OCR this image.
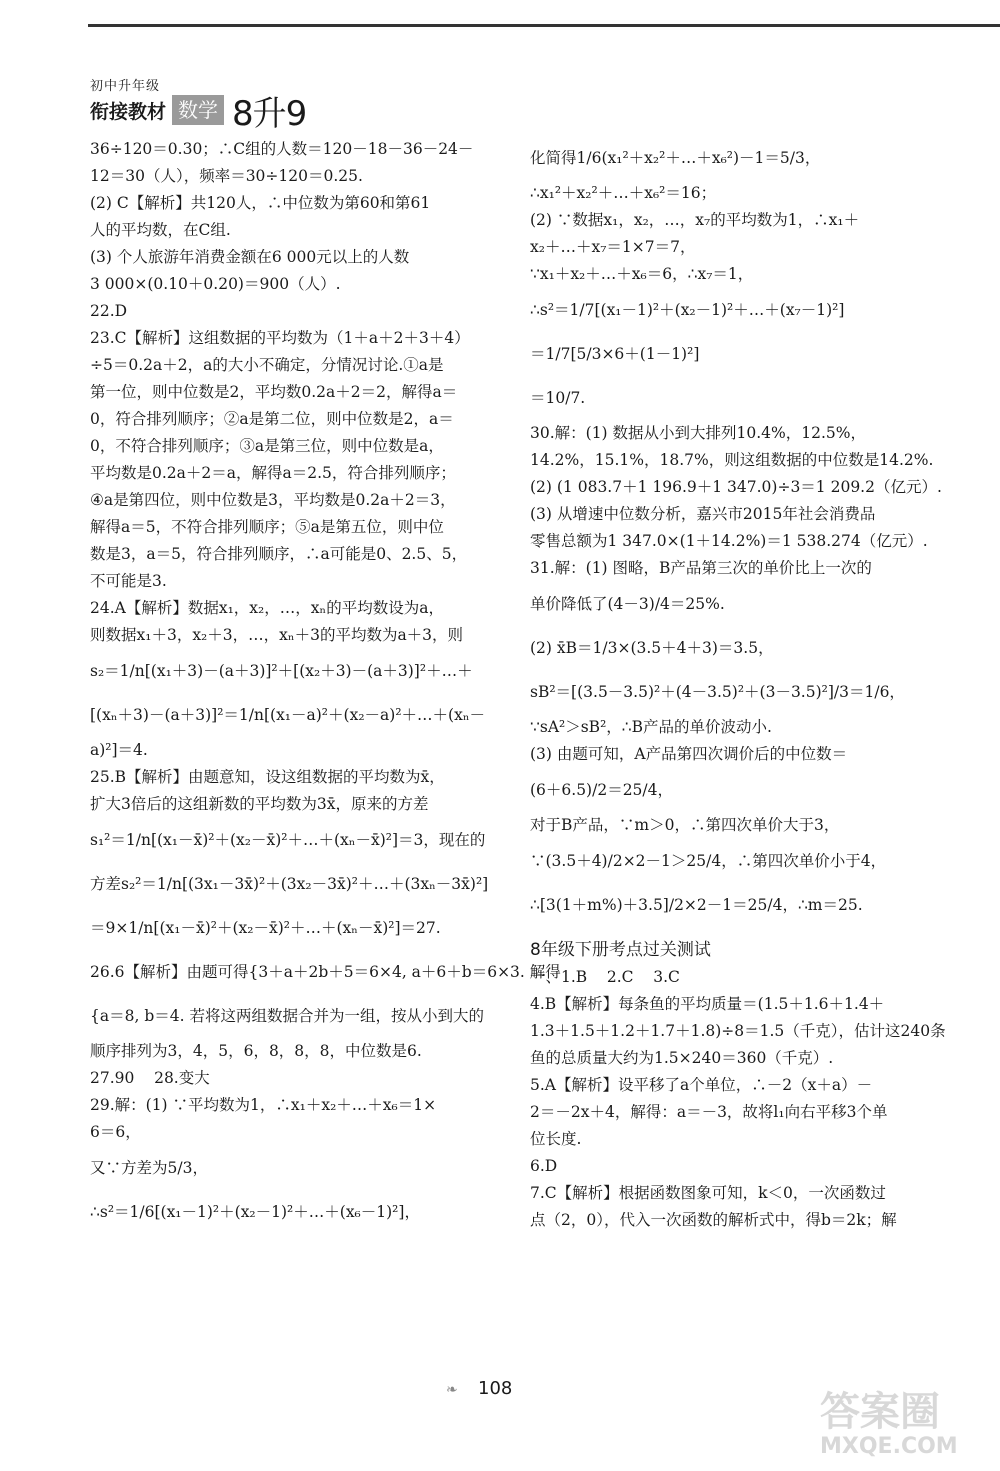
初中升年级
衔接教材 数学 8升9
36÷120＝0.30；∴C组的人数＝120－18－36－24－
12＝30（人），频率＝30÷120＝0.25.
(2) C【解析】共120人，∴中位数为第60和第61
人的平均数，在C组.
(3) 个人旅游年消费金额在6 000元以上的人数
3 000×(0.10＋0.20)＝900（人）.
22.D
23.C【解析】这组数据的平均数为（1＋a＋2＋3＋4）
÷5＝0.2a＋2，a的大小不确定，分情况讨论.①a是
第一位，则中位数是2，平均数0.2a＋2＝2，解得a＝
0，符合排列顺序；②a是第二位，则中位数是2，a＝
0，不符合排列顺序；③a是第三位，则中位数是a，
平均数是0.2a＋2＝a，解得a＝2.5，符合排列顺序；
④a是第四位，则中位数是3，平均数是0.2a＋2＝3，
解得a＝5，不符合排列顺序；⑤a是第五位，则中位
数是3，a＝5，符合排列顺序，∴a可能是0、2.5、5，
不可能是3.
24.A【解析】数据x₁，x₂，…，xₙ的平均数设为a，
则数据x₁＋3，x₂＋3，…，xₙ＋3的平均数为a＋3，则
s₂＝1/n[(x₁＋3)－(a＋3)]²＋[(x₂＋3)－(a＋3)]²＋…＋
[(xₙ＋3)－(a＋3)]²＝1/n[(x₁－a)²＋(x₂－a)²＋…＋(xₙ－
a)²]＝4.
25.B【解析】由题意知，设这组数据的平均数为x̄，
扩大3倍后的这组新数的平均数为3x̄，原来的方差
s₁²＝1/n[(x₁－x̄)²＋(x₂－x̄)²＋…＋(xₙ－x̄)²]＝3，现在的
方差s₂²＝1/n[(3x₁－3x̄)²＋(3x₂－3x̄)²＋…＋(3xₙ－3x̄)²]
＝9×1/n[(x₁－x̄)²＋(x₂－x̄)²＋…＋(xₙ－x̄)²]＝27.
26.6【解析】由题可得{3＋a＋2b＋5＝6×4, a＋6＋b＝6×3. 解得
{a＝8, b＝4. 若将这两组数据合并为一组，按从小到大的
顺序排列为3，4，5，6，8，8，8，中位数是6.
27.90    28.变大
29.解：(1) ∵平均数为1，∴x₁＋x₂＋…＋x₆＝1×
6＝6，
又∵方差为5/3，
∴s²＝1/6[(x₁－1)²＋(x₂－1)²＋…＋(x₆－1)²]，
化简得1/6(x₁²＋x₂²＋…＋x₆²)－1＝5/3，
∴x₁²＋x₂²＋…＋x₆²＝16；
(2) ∵数据x₁，x₂，…，x₇的平均数为1，∴x₁＋
x₂＋…＋x₇＝1×7＝7，
∵x₁＋x₂＋…＋x₆＝6，∴x₇＝1，
∴s²＝1/7[(x₁－1)²＋(x₂－1)²＋…＋(x₇－1)²]
＝1/7[5/3×6＋(1－1)²]
＝10/7.
30.解：(1) 数据从小到大排列10.4%，12.5%，
14.2%，15.1%，18.7%，则这组数据的中位数是14.2%.
(2) (1 083.7＋1 196.9＋1 347.0)÷3＝1 209.2（亿元）.
(3) 从增速中位数分析，嘉兴市2015年社会消费品
零售总额为1 347.0×(1＋14.2%)＝1 538.274（亿元）.
31.解：(1) 图略，B产品第三次的单价比上一次的
单价降低了(4－3)/4＝25%.
(2) x̄B＝1/3×(3.5＋4＋3)＝3.5，
sB²＝[(3.5－3.5)²＋(4－3.5)²＋(3－3.5)²]/3＝1/6，
∵sA²＞sB²，∴B产品的单价波动小.
(3) 由题可知，A产品第四次调价后的中位数＝
(6＋6.5)/2＝25/4，
对于B产品，∵m＞0，∴第四次单价大于3，
∵(3.5＋4)/2×2－1＞25/4，∴第四次单价小于4，
∴[3(1＋m%)＋3.5]/2×2－1＝25/4，∴m＝25.
8年级下册考点过关测试
一、1.B    2.C    3.C
4.B【解析】每条鱼的平均质量＝(1.5＋1.6＋1.4＋
1.3＋1.5＋1.2＋1.7＋1.8)÷8＝1.5（千克），估计这240条
鱼的总质量大约为1.5×240＝360（千克）.
5.A【解析】设平移了a个单位，∴－2（x＋a）－
2＝－2x＋4，解得：a＝－3，故将l₁向右平移3个单
位长度.
6.D
7.C【解析】根据函数图象可知，k＜0，一次函数过
点（2，0），代入一次函数的解析式中，得b＝2k；解
❧ 108
答案圈
MXQE.COM
